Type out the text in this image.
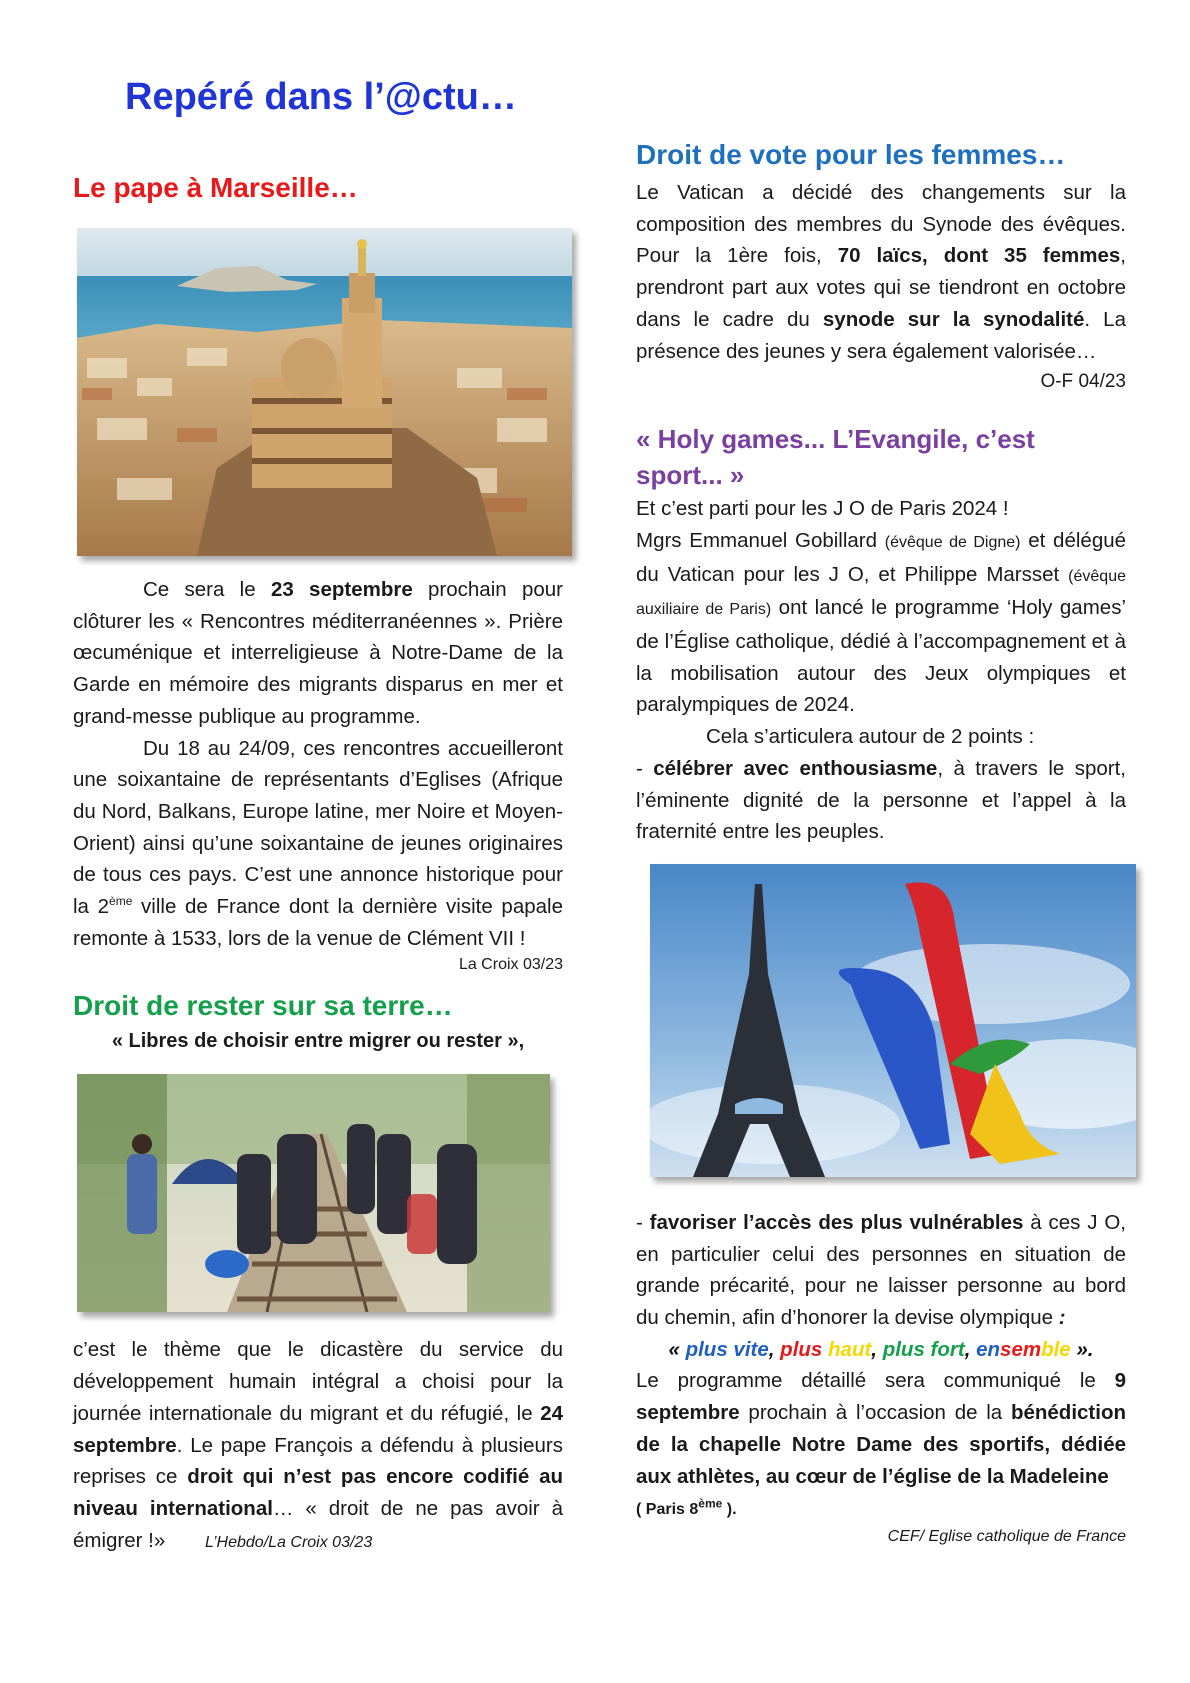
Repéré dans l’@ctu…
Le pape à Marseille…

Ce sera le 23 septembre prochain pour clôturer les « Rencontres méditerranéennes ». Prière œcuménique et interreligieuse à Notre-Dame de la Garde en mémoire des migrants disparus en mer et grand-messe publique au programme.

Du 18 au 24/09, ces rencontres accueilleront une soixantaine de représentants d’Eglises (Afrique du Nord, Balkans, Europe latine, mer Noire et Moyen-Orient) ainsi qu’une soixantaine de jeunes originaires de tous ces pays. C’est une annonce historique pour la 2ème ville de France dont la dernière visite papale remonte à 1533, lors de la venue de Clément VII !

La Croix 03/23

Droit de rester sur sa terre…

« Libres de choisir entre migrer ou rester »,

c’est le thème que le dicastère du service du développement humain intégral a choisi pour la journée internationale du migrant et du réfugié, le 24 septembre. Le pape François a défendu à plusieurs reprises ce droit qui n’est pas encore codifié au niveau international… « droit de ne pas avoir à émigrer !» L’Hebdo/La Croix 03/23

Droit de vote pour les femmes…

Le Vatican a décidé des changements sur la composition des membres du Synode des évêques. Pour la 1ère fois, 70 laïcs, dont 35 femmes, prendront part aux votes qui se tiendront en octobre dans le cadre du synode sur la synodalité. La présence des jeunes y sera également valorisée…

O-F 04/23

« Holy games... L’Evangile, c’est sport... »

Et c’est parti pour les J O de Paris 2024 !

Mgrs Emmanuel Gobillard (évêque de Digne) et délégué du Vatican pour les J O, et Philippe Marsset (évêque auxiliaire de Paris) ont lancé le programme ‘Holy games’ de l’Église catholique, dédié à l’accompagnement et à la mobilisation autour des Jeux olympiques et paralympiques de 2024.

Cela s’articulera autour de 2 points :

- célébrer avec enthousiasme, à travers le sport, l’éminente dignité de la personne et l’appel à la fraternité entre les peuples.

- favoriser l’accès des plus vulnérables à ces J O, en particulier celui des personnes en situation de grande précarité, pour ne laisser personne au bord du chemin, afin d’honorer la devise olympique :

« plus vite, plus haut, plus fort, ensemble ».

Le programme détaillé sera communiqué le 9 septembre prochain à l’occasion de la bénédiction de la chapelle Notre Dame des sportifs, dédiée aux athlètes, au cœur de l’église de la Madeleine
( Paris 8ème ).

CEF/ Eglise catholique de France
